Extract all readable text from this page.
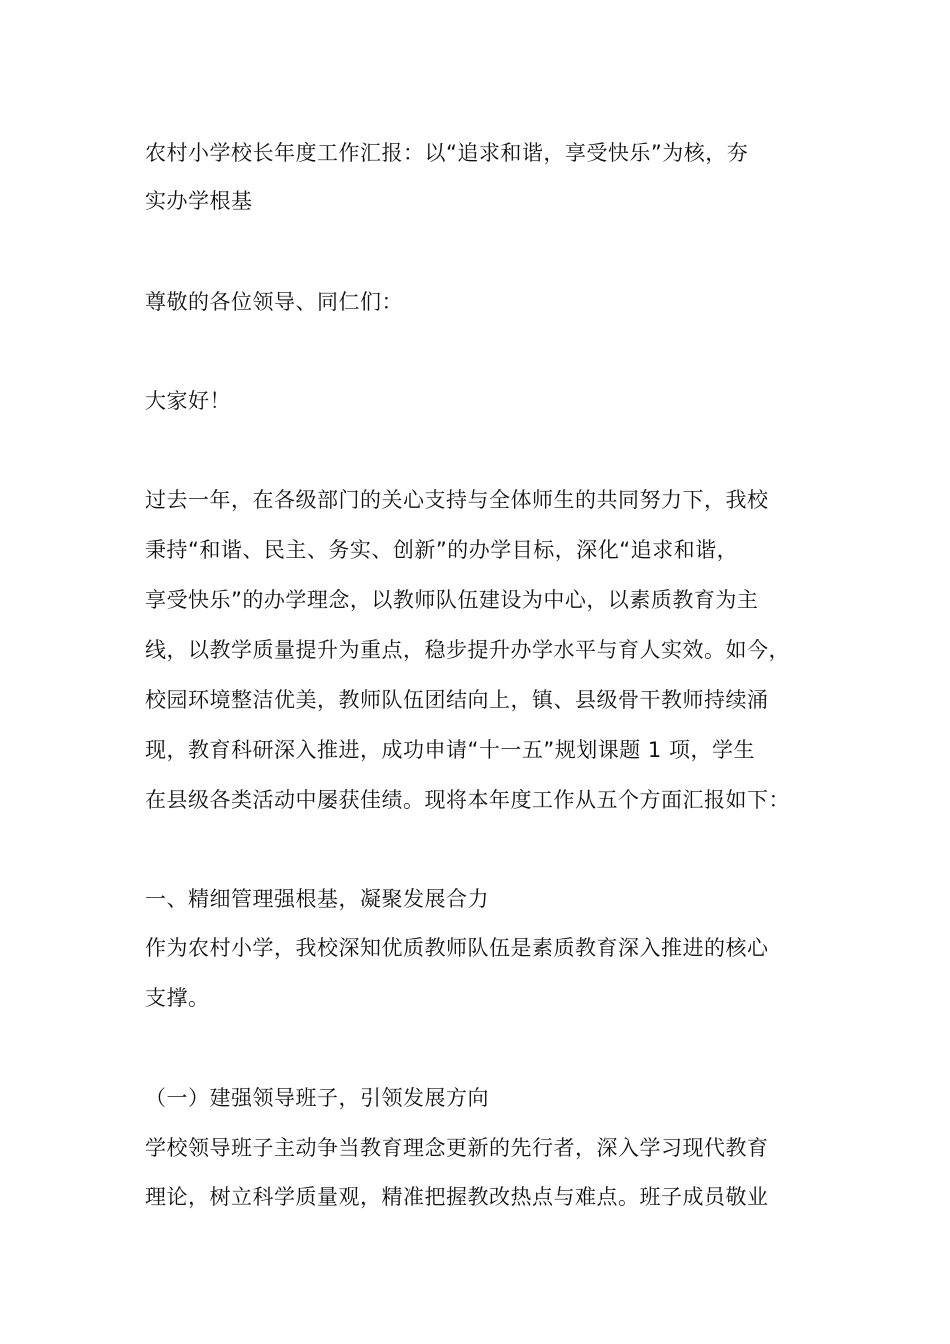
农村小学校长年度工作汇报：以“追求和谐，享受快乐”为核，夯
实办学根基
尊敬的各位领导、同仁们：
大家好！
过去一年，在各级部门的关心支持与全体师生的共同努力下，我校
秉持“和谐、民主、务实、创新”的办学目标，深化“追求和谐，
享受快乐”的办学理念，以教师队伍建设为中心，以素质教育为主
线，以教学质量提升为重点，稳步提升办学水平与育人实效。如今，
校园环境整洁优美，教师队伍团结向上，镇、县级骨干教师持续涌
现，教育科研深入推进，成功申请“十一五”规划课题 1 项，学生
在县级各类活动中屡获佳绩。现将本年度工作从五个方面汇报如下：
一、精细管理强根基，凝聚发展合力
作为农村小学，我校深知优质教师队伍是素质教育深入推进的核心
支撑。
（一）建强领导班子，引领发展方向
学校领导班子主动争当教育理念更新的先行者，深入学习现代教育
理论，树立科学质量观，精准把握教改热点与难点。班子成员敬业
